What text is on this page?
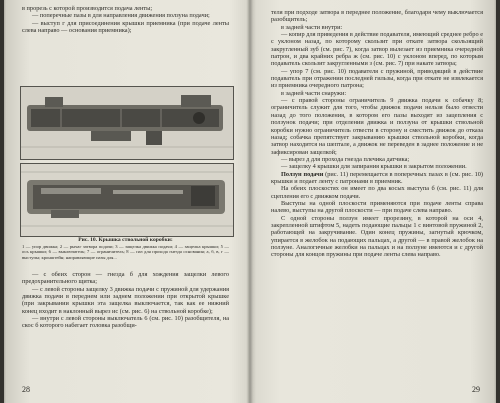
в прорезь с которой производится подача ленты;

— поперечные пазы в для направления движения ползуна подачи;

— выступ г для присоединения крышки приемника (при подаче ленты слева направо — основания приемника);

Рис. 10. Крышка ствольной коробки:
1 — упор движка; 2 — рычаг затвора подачи; 3 — защелка движка подачи; 4 — защелка крышки; 5 — ось крышки; 6 — выключатель; 7 — ограничитель; 8 — паз для прохода гнезда основания; а, б, в, г — выступы; кронштейн; направляющие пазы для...

— с обеих сторон — гнезда б для хождения защелки левого предохранительного щитка;

— с левой стороны защелку 3 движка подачи с пружиной для удержания движка подачи в переднем или заднем положении при открытой крышке (при закрывании крышки эта защелка выключается, так как ее нижний конец входит в наклонный вырез ис (см. рис. 6) на ствольной коробке);

— внутри с левой стороны выключатель 6 (см. рис. 10) разобщителя, на скос б которого набегает головка разобщи-

28

теля при подходе затвора в переднее положение, благодаря чему выключается разобщитель;

в задней части внутри:

— копир для приведения в действие подавателя, имеющий среднее ребро е с уклоном назад, по которому скользит при откате затвора скользящий закругленный зуб (см. рис. 7), когда затвор вылезает из приемника очередной патрон, и два крайних ребра ж (см. рис. 10) с уклоном вперед, по которым подаватель скользит закругленными з (см. рис. 7) при накате затвора;

— упор 7 (см. рис. 10) подавателя с пружиной, приводящий в действие подаватель при отражении последней гильзы, когда при откате не извлекается из приемника очередного патрона;

в задней части снаружи:

— с правой стороны ограничитель 9 движка подачи к собачку 8; ограничитель служит для того, чтобы движок подачи нельзя было отвести назад до того положения, в котором его пазы выходят из зацепления с ползунок подачи; при отделении движка и ползуна от крышки ствольной коробки нужно ограничитель отвести в сторону и сместить движок до отказа назад; собачка препятствует закрыванию крышки ствольной коробки, когда затвор находится на шептале, а движок не переведен в заднее положение и не зафиксирован защелкой;

— вырез д для прохода гнезда плечика датчика;

— защелку 4 крышки для запирания крышки в закрытом положении.

Ползун подачи (рис. 11) перемещается в поперечных пазах в (см. рис. 10) крышки и подает ленту с патронами в приемник.

На обеих плоскостях он имеет по два косых выступа б (см. рис. 11) для сцепления его с движком подачи.

Выступы на одной плоскости применяются при подаче ленты справа налево, выступы на другой плоскости — при подаче слева направо.

С одной стороны ползун имеет прорезину, в которой на оси 4, закрепленной штифтом 5, надеть подающие пальцы 1 с винтовой пружиной 2, работающей на закручивание. Один конец пружины, загнутый крючком, упирается в желобок на подающих пальцах, а другой — в правой желобок на ползуне. Аналогичные желобки на пальцах и на ползуне имеются и с другой стороны для концов пружины при подаче ленты слева направо.

29
